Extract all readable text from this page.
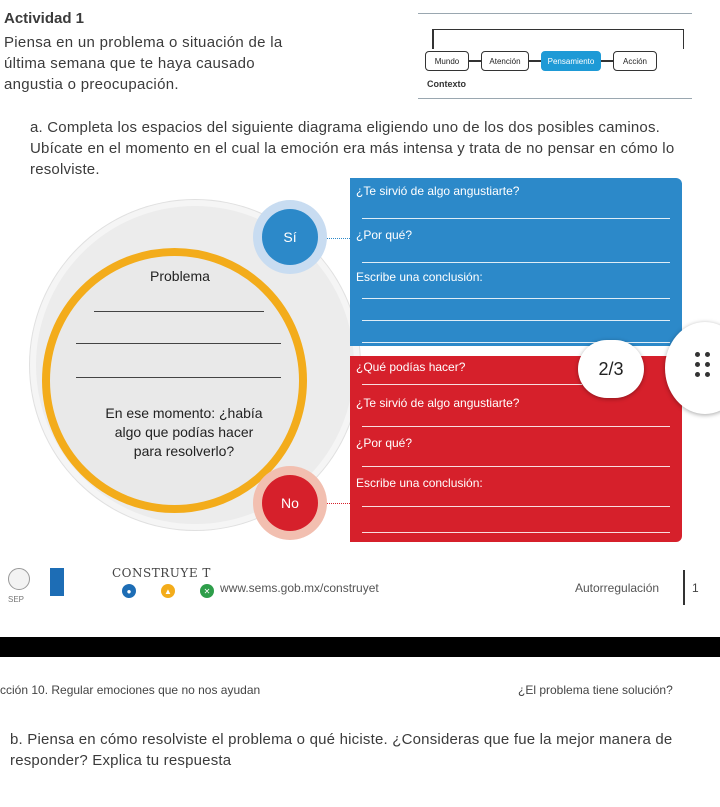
Actividad 1
Piensa en un problema o situación de la última semana que te haya causado angustia o preocupación.
Mundo	Atención	Pensamiento	Acción
Contexto
a. Completa los espacios del siguiente diagrama eligiendo uno de los dos posibles caminos. Ubícate en el momento en el cual la emoción era más intensa y trata de no pensar en cómo lo resolviste.
¿Te sirvió de algo angustiarte?
¿Por qué?
Escribe una conclusión:
¿Qué podías hacer?
¿Te sirvió de algo angustiarte?
¿Por qué?
Escribe una conclusión:
Sí
No
Problema
En ese momento: ¿había algo que podías hacer para resolverlo?
2/3
SEP
CONSTRUYE T
●	▲	✕ www.sems.gob.mx/construyet	Autorregulación	1
cción 10. Regular emociones que no nos ayudan	¿El problema tiene solución?
b. Piensa en cómo resolviste el problema o qué hiciste. ¿Consideras que fue la mejor manera de responder? Explica tu respuesta
